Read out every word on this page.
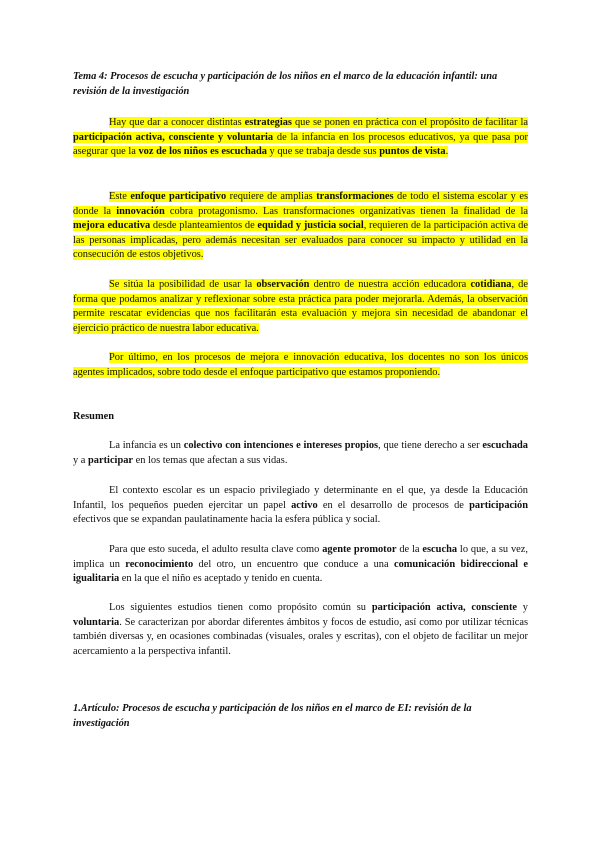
Tema 4: Procesos de escucha y participación de los niños en el marco de la educación infantil: una revisión de la investigación

Hay que dar a conocer distintas estrategias que se ponen en práctica con el propósito de facilitar la participación activa, consciente y voluntaria de la infancia en los procesos educativos, ya que pasa por asegurar que la voz de los niños es escuchada y que se trabaja desde sus puntos de vista.

Este enfoque participativo requiere de amplias transformaciones de todo el sistema escolar y es donde la innovación cobra protagonismo. Las transformaciones organizativas tienen la finalidad de la mejora educativa desde planteamientos de equidad y justicia social, requieren de la participación activa de las personas implicadas, pero además necesitan ser evaluados para conocer su impacto y utilidad en la consecución de estos objetivos.

Se sitúa la posibilidad de usar la observación dentro de nuestra acción educadora cotidiana, de forma que podamos analizar y reflexionar sobre esta práctica para poder mejorarla. Además, la observación permite rescatar evidencias que nos facilitarán esta evaluación y mejora sin necesidad de abandonar el ejercicio práctico de nuestra labor educativa.

Por último, en los procesos de mejora e innovación educativa, los docentes no son los únicos agentes implicados, sobre todo desde el enfoque participativo que estamos proponiendo.

Resumen

La infancia es un colectivo con intenciones e intereses propios, que tiene derecho a ser escuchada y a participar en los temas que afectan a sus vidas.

El contexto escolar es un espacio privilegiado y determinante en el que, ya desde la Educación Infantil, los pequeños pueden ejercitar un papel activo en el desarrollo de procesos de participación efectivos que se expandan paulatinamente hacia la esfera pública y social.

Para que esto suceda, el adulto resulta clave como agente promotor de la escucha lo que, a su vez, implica un reconocimiento del otro, un encuentro que conduce a una comunicación bidireccional e igualitaria en la que el niño es aceptado y tenido en cuenta.

Los siguientes estudios tienen como propósito común su participación activa, consciente y voluntaria. Se caracterizan por abordar diferentes ámbitos y focos de estudio, así como por utilizar técnicas también diversas y, en ocasiones combinadas (visuales, orales y escritas), con el objeto de facilitar un mejor acercamiento a la perspectiva infantil.

1.Artículo: Procesos de escucha y participación de los niños en el marco de EI: revisión de la investigación
